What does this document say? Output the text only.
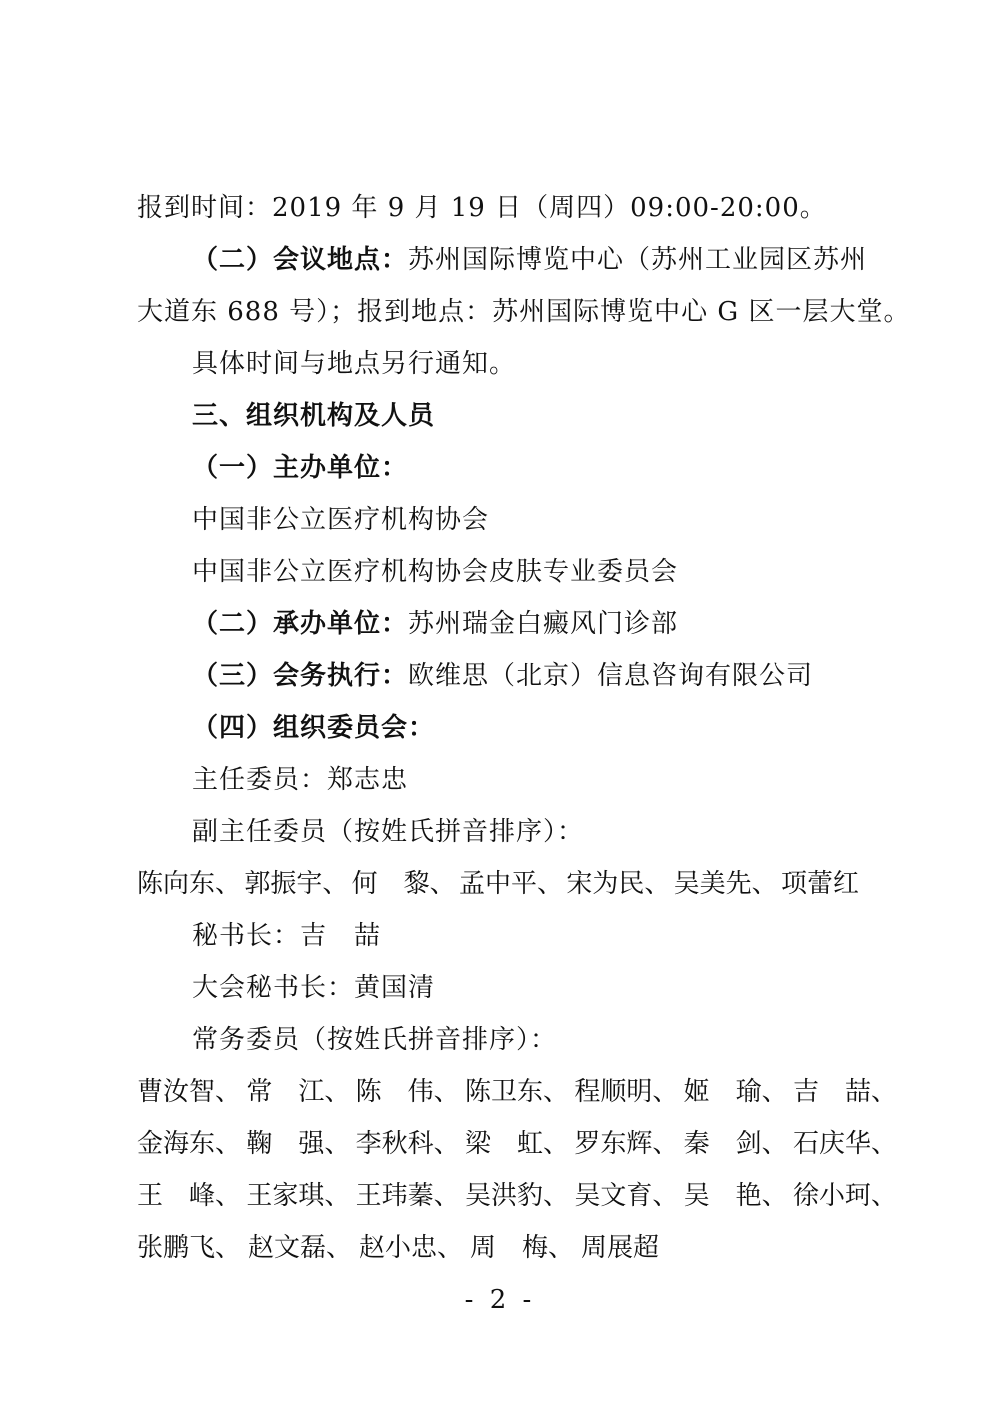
报到时间：2019 年 9 月 19 日（周四）09:00-20:00。
（二）会议地点：苏州国际博览中心（苏州工业园区苏州
大道东 688 号）；报到地点：苏州国际博览中心 G 区一层大堂。
具体时间与地点另行通知。
三、组织机构及人员
（一）主办单位：
中国非公立医疗机构协会
中国非公立医疗机构协会皮肤专业委员会
（二）承办单位：苏州瑞金白癜风门诊部
（三）会务执行：欧维思（北京）信息咨询有限公司
（四）组织委员会：
主任委员：郑志忠
副主任委员（按姓氏拼音排序）：
陈向东、 郭振宇、 何　黎、 孟中平、 宋为民、 吴美先、 项蕾红
秘书长：吉　喆
大会秘书长：黄国清
常务委员（按姓氏拼音排序）：
曹汝智、 常　江、 陈　伟、 陈卫东、 程顺明、 姬　瑜、 吉　喆、
金海东、 鞠　强、 李秋科、 梁　虹、 罗东辉、 秦　剑、 石庆华、
王　峰、 王家琪、 王玮蓁、 吴洪豹、 吴文育、 吴　艳、 徐小珂、
张鹏飞、 赵文磊、 赵小忠、 周　梅、 周展超
- 2 -
